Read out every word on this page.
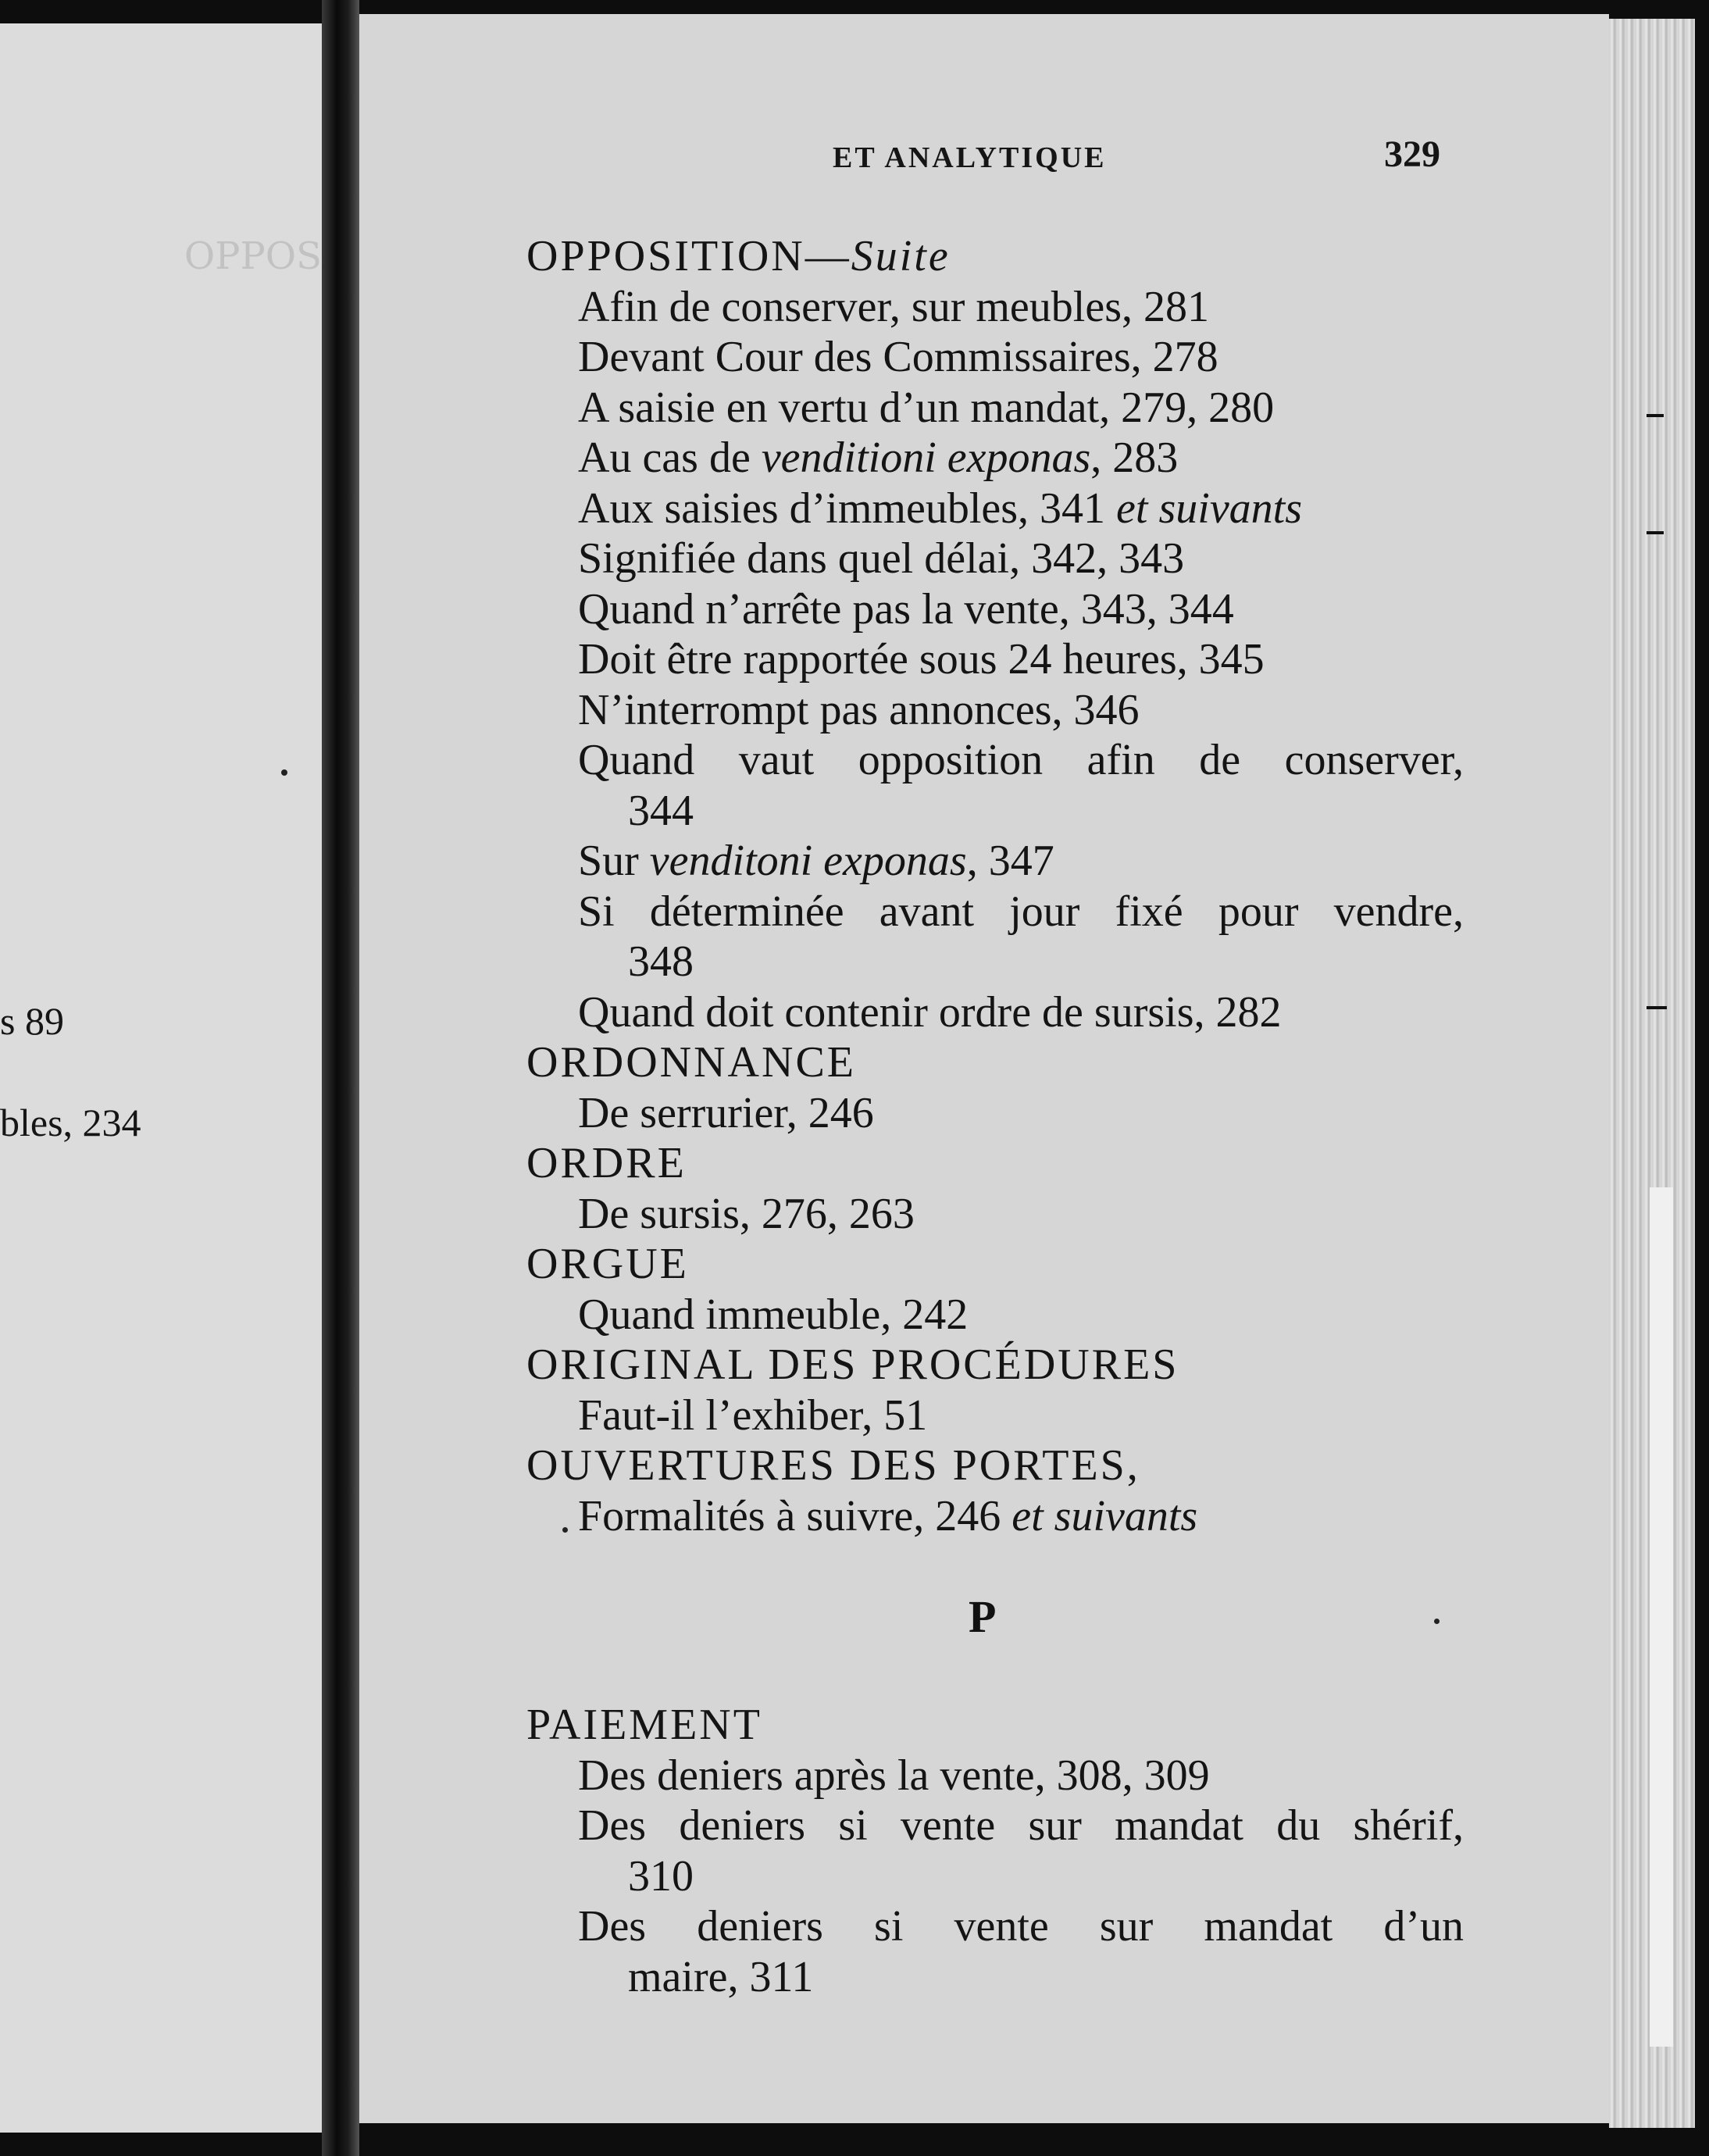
OPPOS
s 89
bles, 234
ET ANALYTIQUE	329
OPPOSITION—Suite
Afin de conserver, sur meubles, 281
Devant Cour des Commissaires, 278
A saisie en vertu d’un mandat, 279, 280
Au cas de venditioni exponas, 283
Aux saisies d’immeubles, 341 et suivants
Signifiée dans quel délai, 342, 343
Quand n’arrête pas la vente, 343, 344
Doit être rapportée sous 24 heures, 345
N’interrompt pas annonces, 346
Quand vaut opposition afin de conserver,
344
Sur venditoni exponas, 347
Si déterminée avant jour fixé pour vendre,
348
Quand doit contenir ordre de sursis, 282
ORDONNANCE
De serrurier, 246
ORDRE
De sursis, 276, 263
ORGUE
Quand immeuble, 242
ORIGINAL DES PROCÉDURES
Faut-il l’exhiber, 51
OUVERTURES DES PORTES,
Formalités à suivre, 246 et suivants
P
PAIEMENT
Des deniers après la vente, 308, 309
Des deniers si vente sur mandat du shérif,
310
Des deniers si vente sur mandat d’un
maire, 311
